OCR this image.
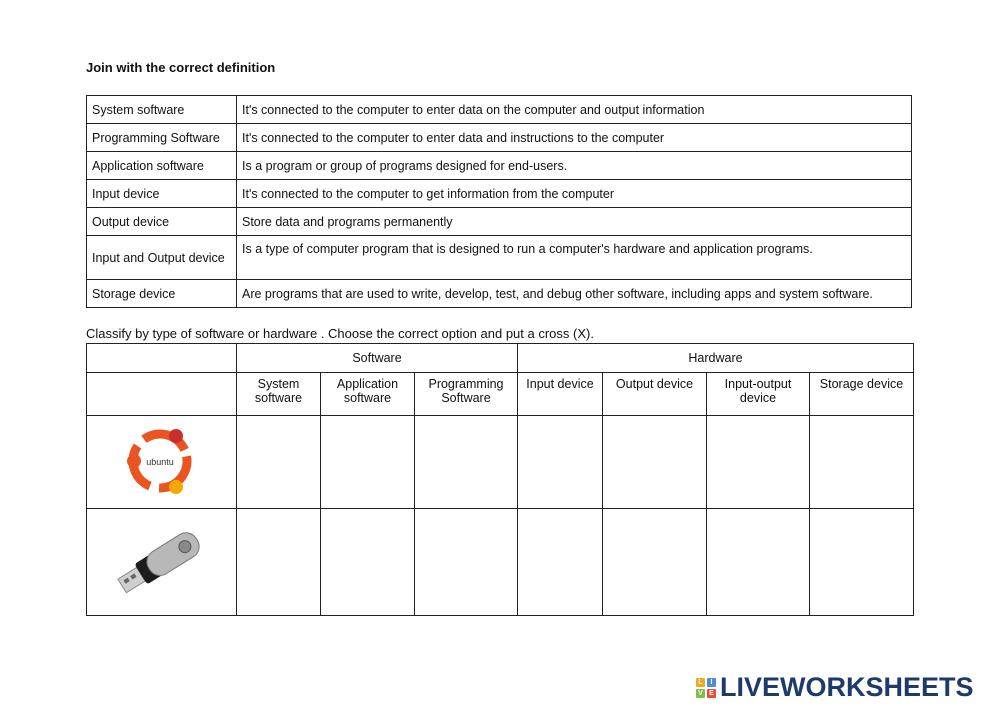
Join with the correct definition
System software	It's connected to the computer to enter data on the computer and output information
Programming Software	It's connected to the computer to enter data and instructions to the computer
Application software	Is a program or group of programs designed for end-users.
Input device	It's connected to the computer to get information from the computer
Output device	Store data and programs permanently
Input and Output device	Is a type of computer program that is designed to run a computer's hardware and application programs.
Storage device	Are programs that are used to write, develop, test, and debug other software, including apps and system software.
Classify by type of software or hardware . Choose the correct option and put a cross (X).
	Software			Hardware			
	System software	Application software	Programming Software	Input device	Output device	Input-output device	Storage device

ubuntu

L	I
V E LIVEWORKSHEETS
